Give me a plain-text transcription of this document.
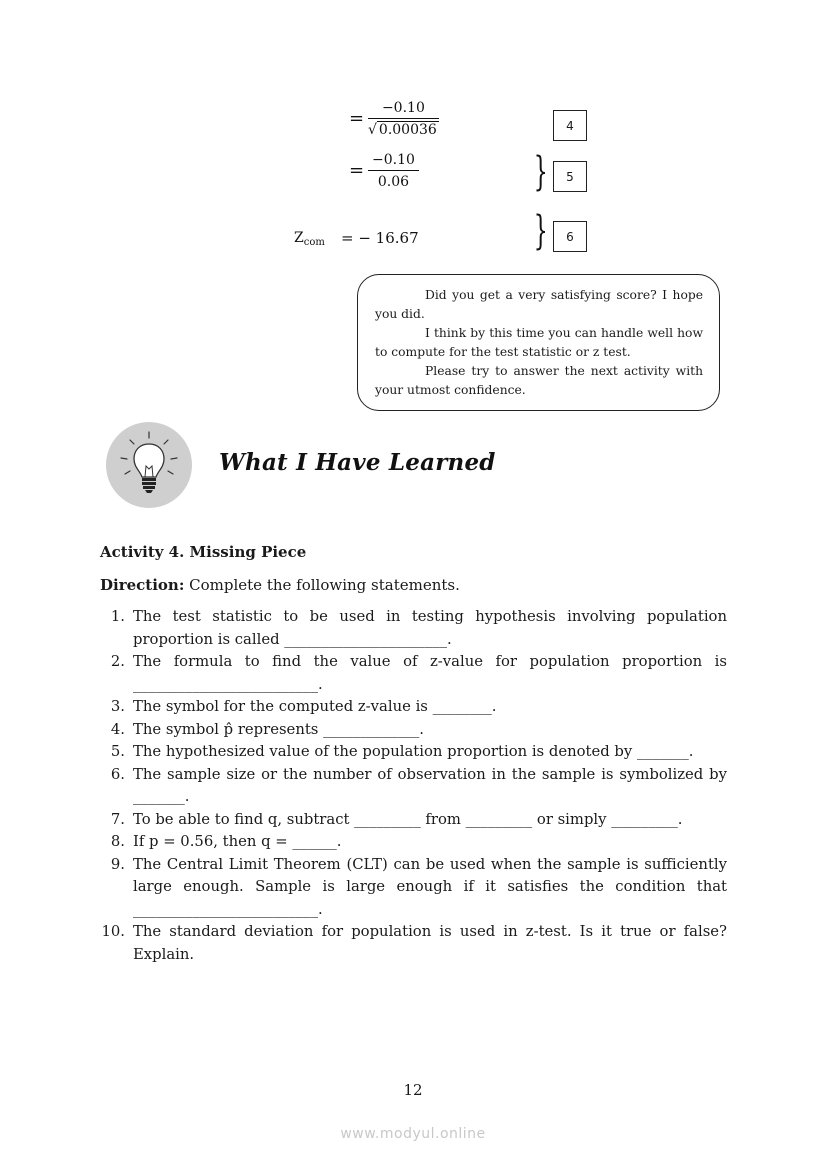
= $\frac{-0.10}{√ 0.00036}$
= $\frac{-0.10}{0.06}$
$Z_{com}$ = − 16.67
}
}
4
5
6

Did you get a very satisfying score? I hope you did.

I think by this time you can handle well how to compute for the test statistic or z test.

Please try to answer the next activity with your utmost confidence.

What I Have Learned
Activity 4. Missing Piece
Direction: Complete the following statements.
1. The test statistic to be used in testing hypothesis involving population proportion is called ______________________.
2. The formula to find the value of z-value for population proportion is _________________________.
3. The symbol for the computed z-value is ________.
4. The symbol p̂ represents _____________.
5. The hypothesized value of the population proportion is denoted by _______.
6. The sample size or the number of observation in the sample is symbolized by _______.
7. To be able to find q, subtract _________ from _________ or simply _________.
8. If p = 0.56, then q = ______.
9. The Central Limit Theorem (CLT) can be used when the sample is sufficiently large enough. Sample is large enough if it satisfies the condition that _________________________.
10. The standard deviation for population is used in z-test. Is it true or false? Explain.
12
www.modyul.online
